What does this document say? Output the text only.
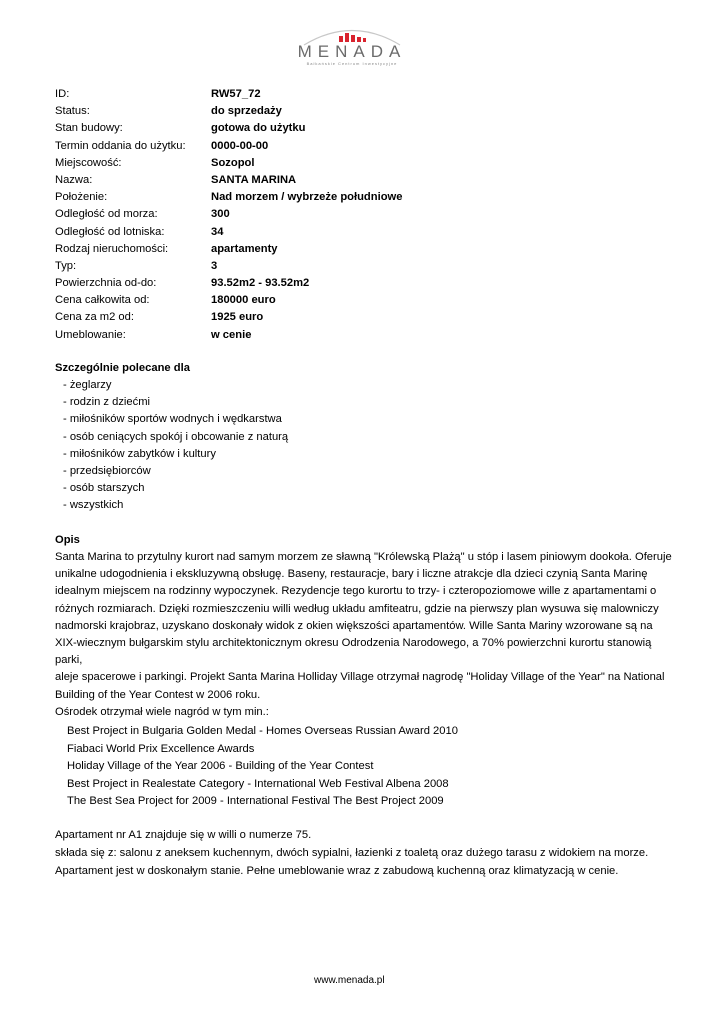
MENADA
Bałkańskie Centrum Inwestycyjne
ID:	RW57_72
Status:	do sprzedaży
Stan budowy:	gotowa do użytku
Termin oddania do użytku:	0000-00-00
Miejscowość:	Sozopol
Nazwa:	SANTA MARINA
Położenie:	Nad morzem / wybrzeże południowe
Odległość od morza:	300
Odległość od lotniska:	34
Rodzaj nieruchomości:	apartamenty
Typ:	3
Powierzchnia od-do:	93.52m2 - 93.52m2
Cena całkowita od:	180000 euro
Cena za m2 od:	1925 euro
Umeblowanie:	w cenie
Szczególnie polecane dla
- żeglarzy
- rodzin z dziećmi
- miłośników sportów wodnych i wędkarstwa
- osób ceniących spokój i obcowanie z naturą
- miłośników zabytków i kultury
- przedsiębiorców
- osób starszych
- wszystkich
Opis

Santa Marina to przytulny kurort nad samym morzem ze sławną "Królewską Plażą" u stóp i lasem piniowym dookoła. Oferuje

unikalne udogodnienia i ekskluzywną obsługę. Baseny, restauracje, bary i liczne atrakcje dla dzieci czynią Santa Marinę

idealnym miejscem na rodzinny wypoczynek. Rezydencje tego kurortu to trzy- i czteropoziomowe wille z apartamentami o

różnych rozmiarach. Dzięki rozmieszczeniu willi według układu amfiteatru, gdzie na pierwszy plan wysuwa się malowniczy

nadmorski krajobraz, uzyskano doskonały widok z okien większości apartamentów. Wille Santa Mariny wzorowane są na

XIX-wiecznym bułgarskim stylu architektonicznym okresu Odrodzenia Narodowego, a 70% powierzchni kurortu stanowią parki,

aleje spacerowe i parkingi. Projekt Santa Marina Holliday Village otrzymał nagrodę "Holiday Village of the Year" na National

Building of the Year Contest w 2006 roku.

Ośrodek otrzymał wiele nagród w tym min.:

Best Project in Bulgaria Golden Medal - Homes Overseas Russian Award 2010
Fiabaci World Prix Excellence Awards
Holiday Village of the Year 2006 - Building of the Year Contest
Best Project in Realestate Category - International Web Festival Albena 2008
The Best Sea Project for 2009 - International Festival The Best Project 2009

Apartament nr A1 znajduje się w willi o numerze 75.

składa się z: salonu z aneksem kuchennym, dwóch sypialni, łazienki z toaletą oraz dużego tarasu z widokiem na morze.

Apartament jest w doskonałym stanie. Pełne umeblowanie wraz z zabudową kuchenną oraz klimatyzacją w cenie.

www.menada.pl
